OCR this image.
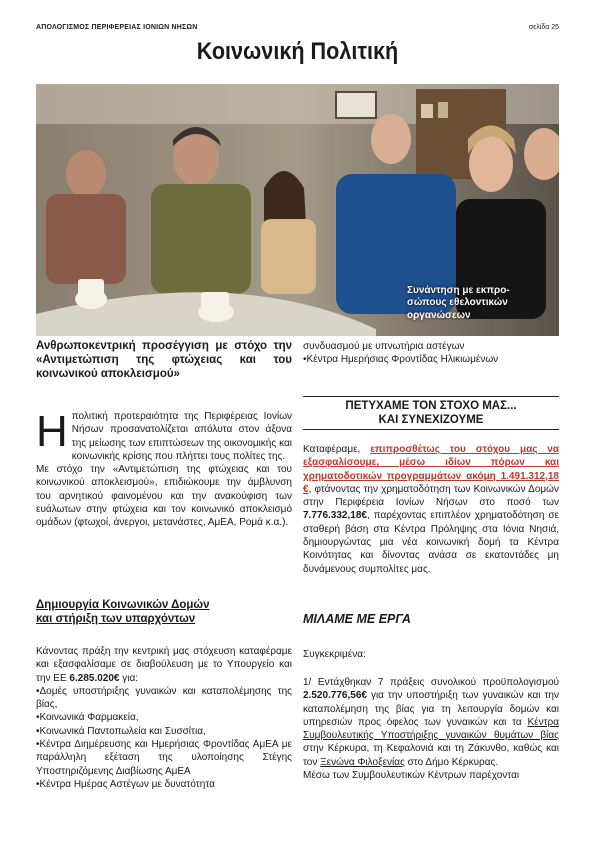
ΑΠΟΛΟΓΙΣΜΟΣ ΠΕΡΙΦΕΡΕΙΑΣ ΙΟΝΙΩΝ ΝΗΣΩΝ	σελίδα 25
Κοινωνική Πολιτική
Συνάντηση με εκπρο-σώπους εθελοντικών οργανώσεων

Ανθρωποκεντρική προσέγγιση με στόχο την «Αντιμετώπιση της φτώχειας και του κοινωνικού αποκλεισμού»

Ηπολιτική προτεραιότητα της Περιφέρειας Ιονίων Νήσων προσανατολίζεται απόλυτα στον άξονα της μείωσης των επιπτώσεων της οικονομικής και κοινωνικής κρίσης που πλήττει τους πολίτες της.
Με στόχο την «Αντιμετώπιση της φτώχειας και του κοινωνικού αποκλεισμού», επιδιώκουμε την άμβλυνση του αρνητικού φαινομένου και την ανακούφιση των ευάλωτων στην φτώχεια και τον κοινωνικό αποκλεισμό ομάδων (φτωχοί, άνεργοι, μετανάστες, ΑμΕΑ, Ρομά κ.α.).

Δημιουργία Κοινωνικών Δομών

και στήριξη των υπαρχόντων

Κάνοντας πράξη την κεντρική μας στόχευση καταφέραμε και εξασφαλίσαμε σε διαβούλευση με το Υπουργείο και την ΕΕ 6.285.020€ για:

•Δομές υποστήριξης γυναικών και καταπολέμησης της βίας,

•Κοινωνικά Φαρμακεία,

•Κοινωνικά Παντοπωλεία και Συσσίτια,

•Κέντρα Διημέρευσης και Ημερήσιας Φροντίδας ΑμΕΑ με παράλληλη εξέταση της υλοποίησης Στέγης Υποστηριζόμενης Διαβίωσης ΑμΕΑ

•Κέντρα Ημέρας Αστέγων με δυνατότητα

συνδυασμού με υπνωτήρια αστέγων

•Κέντρα Ημερήσιας Φροντίδας Ηλικιωμένων

ΠΕΤΥΧΑΜΕ ΤΟΝ ΣΤΟΧΟ ΜΑΣ...
ΚΑΙ ΣΥΝΕΧΙΖΟΥΜΕ
Καταφέραμε, επιπροσθέτως του στόχου μας να εξασφαλίσουμε, μέσω ιδίων πόρων και χρηματοδοτικών προγραμμάτων ακόμη 1.491.312,18 €, φτάνοντας την χρηματοδότηση των Κοινωνικών Δομών στην Περιφέρεια Ιονίων Νήσων στο ποσό των 7.776.332,18€, παρέχοντας επιπλέον χρηματοδότηση σε σταθερή βάση στα Κέντρα Πρόληψης στα Ιόνια Νησιά, δημιουργώντας μια νέα κοινωνική δομή τα Κέντρα Κοινότητας και δίνοντας ανάσα σε εκατοντάδες μη δυνάμενους συμπολίτες μας.

ΜΙΛΑΜΕ ΜΕ ΕΡΓΑ

Συγκεκριμένα:

1/ Εντάχθηκαν 7 πράξεις συνολικού προϋπολογισμού 2.520.776,56€ για την υποστήριξη των γυναικών και την καταπολέμηση της βίας για τη λειτουργία δομών και υπηρεσιών προς όφελος των γυναικών και τα Κέντρα Συμβουλευτικής Υποστήριξης γυναικών θυμάτων βίας στην Κέρκυρα, τη Κεφαλονιά και τη Ζάκυνθο, καθώς και τον Ξενώνα Φιλοξενίας στο Δήμο Κέρκυρας.
Μέσω των Συμβουλευτικών Κέντρων παρέχονται
